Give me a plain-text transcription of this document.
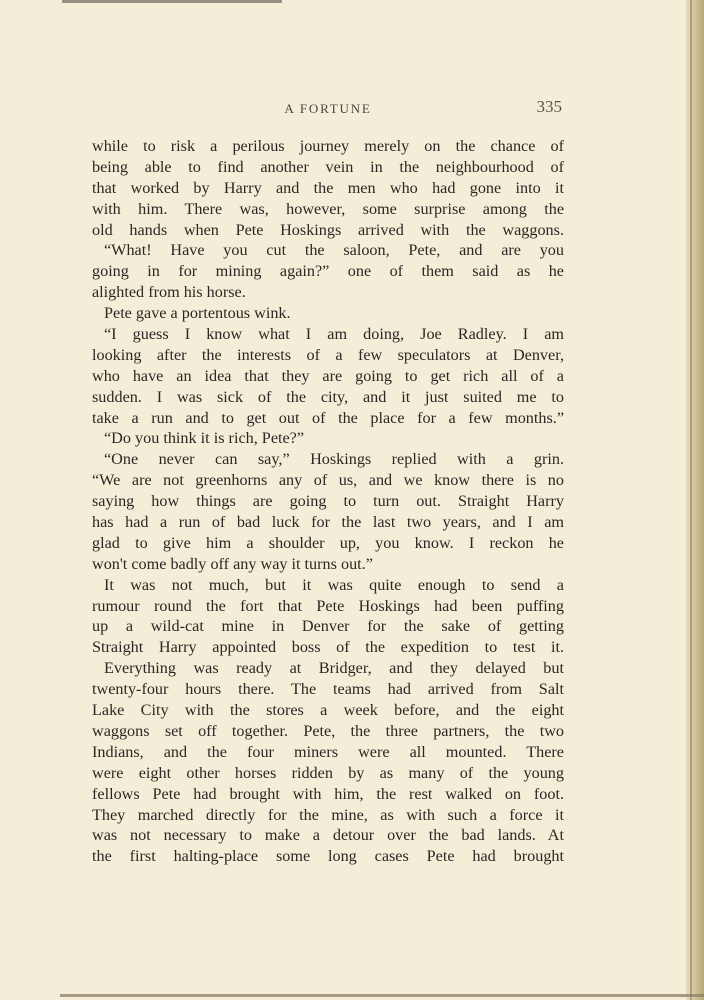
A FORTUNE	335
while to risk a perilous journey merely on the chance of
being able to find another vein in the neighbourhood of
that worked by Harry and the men who had gone into it
with him. There was, however, some surprise among the
old hands when Pete Hoskings arrived with the waggons.
“What! Have you cut the saloon, Pete, and are you
going in for mining again?” one of them said as he
alighted from his horse.
Pete gave a portentous wink.
“I guess I know what I am doing, Joe Radley. I am
looking after the interests of a few speculators at Denver,
who have an idea that they are going to get rich all of a
sudden. I was sick of the city, and it just suited me to
take a run and to get out of the place for a few months.”
“Do you think it is rich, Pete?”
“One never can say,” Hoskings replied with a grin.
“We are not greenhorns any of us, and we know there is no
saying how things are going to turn out. Straight Harry
has had a run of bad luck for the last two years, and I am
glad to give him a shoulder up, you know. I reckon he
won't come badly off any way it turns out.”
It was not much, but it was quite enough to send a
rumour round the fort that Pete Hoskings had been puffing
up a wild-cat mine in Denver for the sake of getting
Straight Harry appointed boss of the expedition to test it.
Everything was ready at Bridger, and they delayed but
twenty-four hours there. The teams had arrived from Salt
Lake City with the stores a week before, and the eight
waggons set off together. Pete, the three partners, the two
Indians, and the four miners were all mounted. There
were eight other horses ridden by as many of the young
fellows Pete had brought with him, the rest walked on foot.
They marched directly for the mine, as with such a force it
was not necessary to make a detour over the bad lands. At
the first halting-place some long cases Pete had brought
